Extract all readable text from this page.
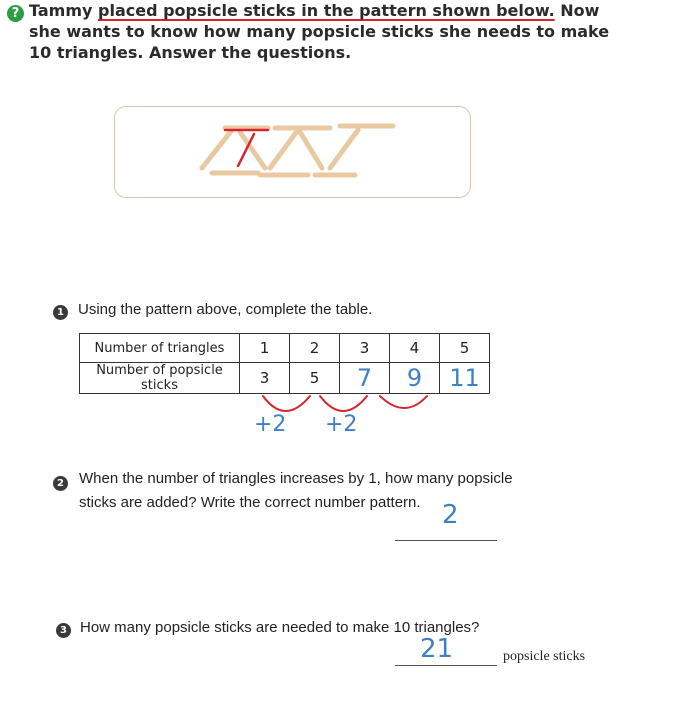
? Tammy placed popsicle sticks in the pattern shown below. Now she wants to know how many popsicle sticks she needs to make 10 triangles. Answer the questions.

1 Using the pattern above, complete the table.

Number of triangles	1	2	3	4	5
Number of popsicle sticks	3	5	7	9	11
+2 +2
2 When the number of triangles increases by 1, how many popsicle sticks are added? Write the correct number pattern. 2
3 How many popsicle sticks are needed to make 10 triangles?

21	popsicle sticks
